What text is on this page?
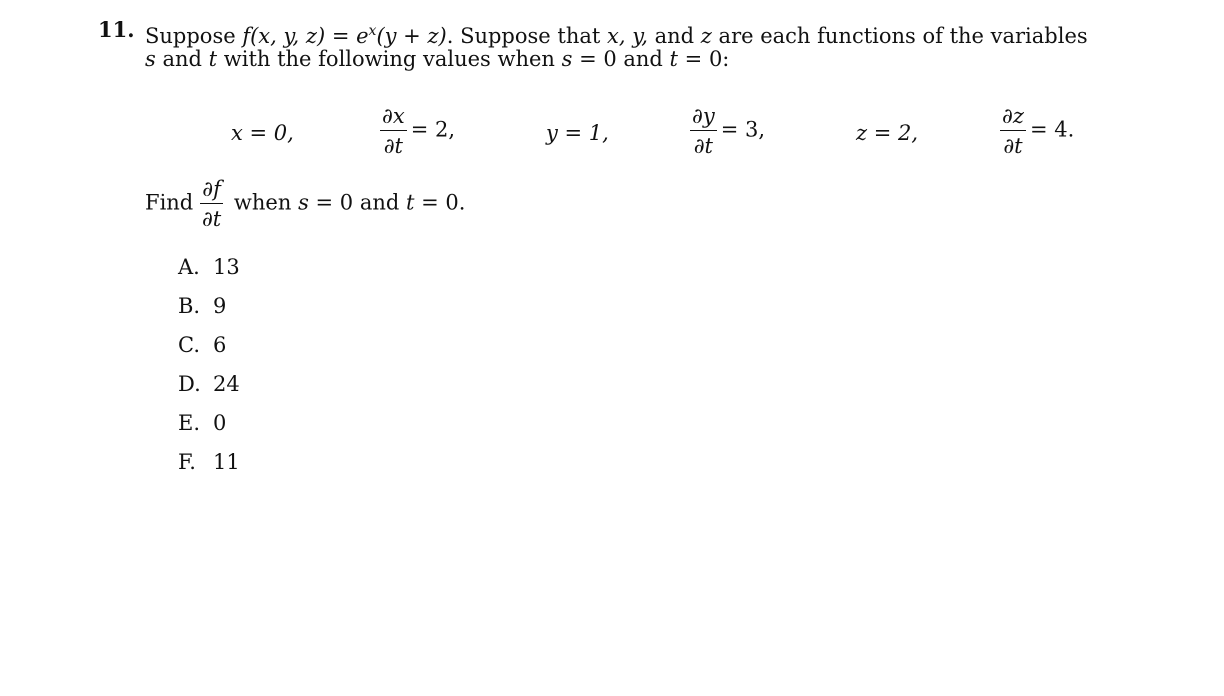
11. Suppose f(x, y, $z) = e^x(y + z)$. Suppose that x, y, and z are each functions of the variables
s and t with the following values when s = 0 and t = 0:
x = 0,	$\frac{\partial x}{\partial t} = 2$,	y = 1,	$\frac{\partial y}{\partial t} = 3$,	z = 2,	$\frac{\partial z}{\partial t} = 4$.
Find $\frac{\partial f}{\partial t}$ when s = 0 and t = 0.
A. 13
B. 9
C. 6
D. 24
E. 0
F. 11
